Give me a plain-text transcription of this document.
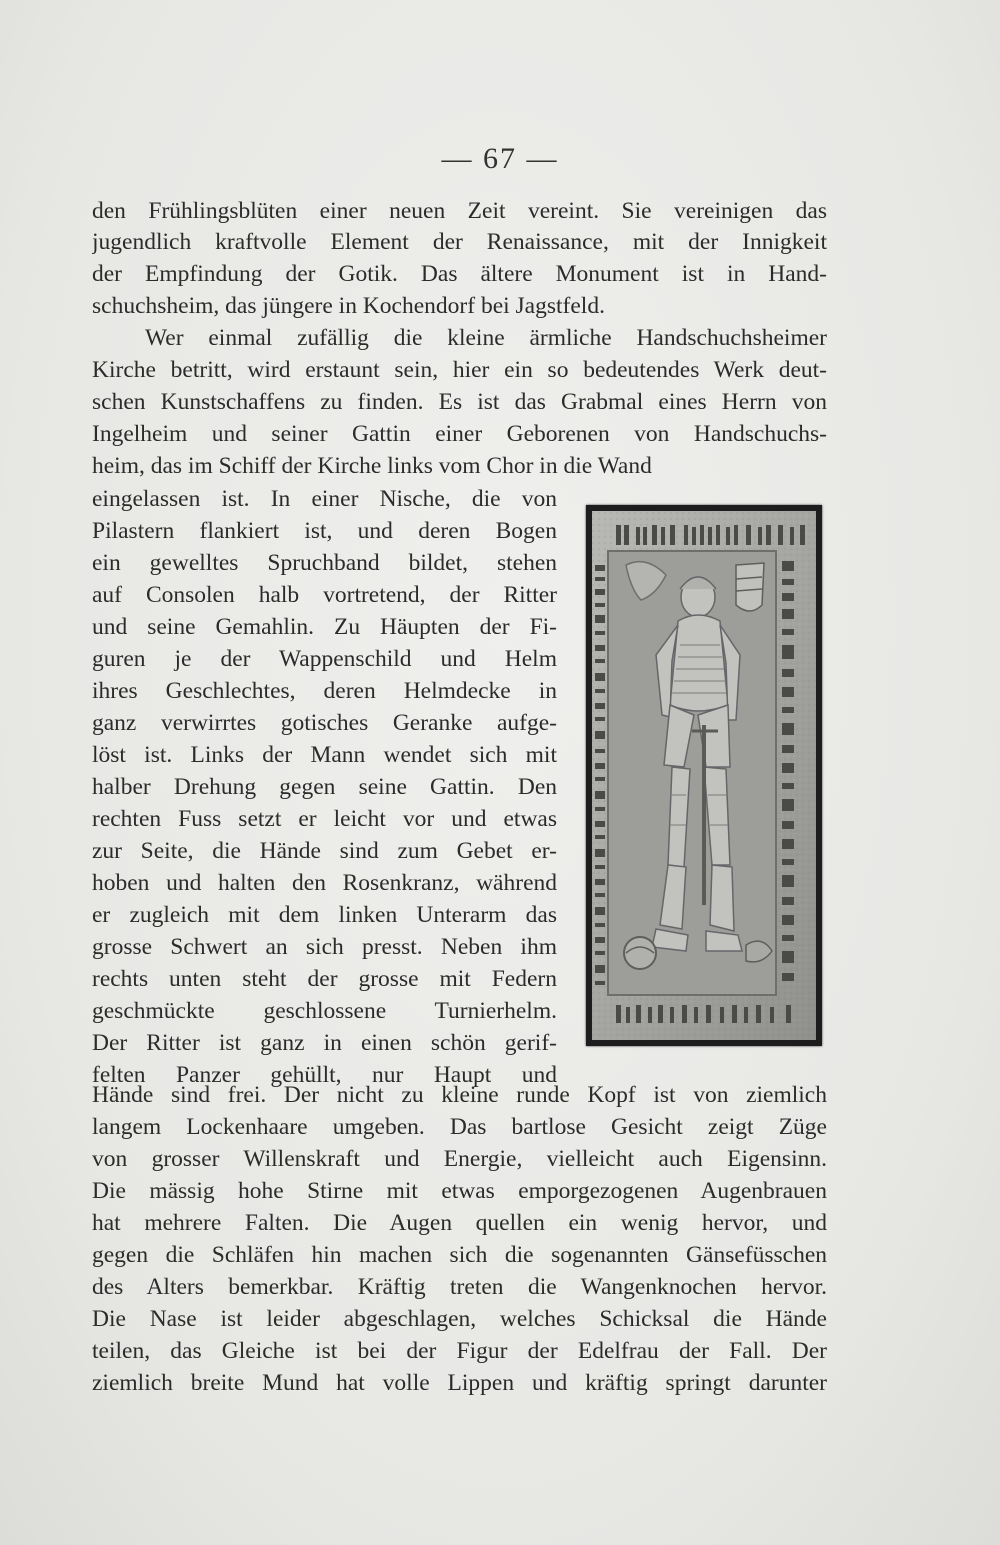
— 67 —
den Frühlingsblüten einer neuen Zeit vereint. Sie vereinigen das
jugendlich kraftvolle Element der Renaissance, mit der Innigkeit
der Empfindung der Gotik. Das ältere Monument ist in Hand-
schuchsheim, das jüngere in Kochendorf bei Jagstfeld.
Wer einmal zufällig die kleine ärmliche Handschuchsheimer
Kirche betritt, wird erstaunt sein, hier ein so bedeutendes Werk deut-
schen Kunstschaffens zu finden. Es ist das Grabmal eines Herrn von
Ingelheim und seiner Gattin einer Geborenen von Handschuchs-
heim, das im Schiff der Kirche links vom Chor in die Wand
eingelassen ist. In einer Nische, die von
Pilastern flankiert ist, und deren Bogen
ein gewelltes Spruchband bildet, stehen
auf Consolen halb vortretend, der Ritter
und seine Gemahlin. Zu Häupten der Fi-
guren je der Wappenschild und Helm
ihres Geschlechtes, deren Helmdecke in
ganz verwirrtes gotisches Geranke aufge-
löst ist. Links der Mann wendet sich mit
halber Drehung gegen seine Gattin. Den
rechten Fuss setzt er leicht vor und etwas
zur Seite, die Hände sind zum Gebet er-
hoben und halten den Rosenkranz, während
er zugleich mit dem linken Unterarm das
grosse Schwert an sich presst. Neben ihm
rechts unten steht der grosse mit Federn
geschmückte geschlossene Turnierhelm.
Der Ritter ist ganz in einen schön gerif-
felten Panzer gehüllt, nur Haupt und
Hände sind frei. Der nicht zu kleine runde Kopf ist von ziemlich
langem Lockenhaare umgeben. Das bartlose Gesicht zeigt Züge
von grosser Willenskraft und Energie, vielleicht auch Eigensinn.
Die mässig hohe Stirne mit etwas emporgezogenen Augenbrauen
hat mehrere Falten. Die Augen quellen ein wenig hervor, und
gegen die Schläfen hin machen sich die sogenannten Gänsefüsschen
des Alters bemerkbar. Kräftig treten die Wangenknochen hervor.
Die Nase ist leider abgeschlagen, welches Schicksal die Hände
teilen, das Gleiche ist bei der Figur der Edelfrau der Fall. Der
ziemlich breite Mund hat volle Lippen und kräftig springt darunter
